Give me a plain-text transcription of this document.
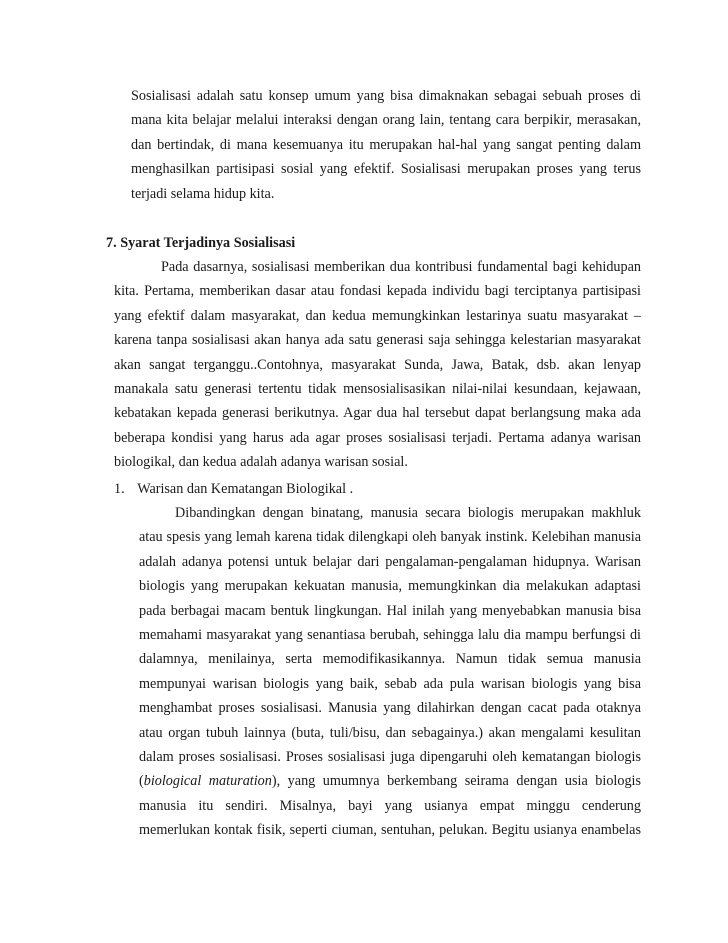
Sosialisasi adalah satu konsep umum yang bisa dimaknakan sebagai sebuah proses di
mana kita belajar melalui interaksi dengan orang lain, tentang cara berpikir, merasakan,
dan bertindak, di mana kesemuanya itu merupakan hal-hal yang sangat penting dalam
menghasilkan partisipasi sosial yang efektif. Sosialisasi merupakan proses yang terus
terjadi selama hidup kita.
7. Syarat Terjadinya Sosialisasi
Pada dasarnya, sosialisasi memberikan dua kontribusi fundamental bagi kehidupan
kita. Pertama, memberikan dasar atau fondasi kepada individu bagi terciptanya partisipasi
yang efektif dalam masyarakat, dan kedua memungkinkan lestarinya suatu masyarakat –
karena tanpa sosialisasi akan hanya ada satu generasi saja sehingga kelestarian masyarakat
akan sangat terganggu..Contohnya, masyarakat Sunda, Jawa, Batak, dsb. akan lenyap
manakala satu generasi tertentu tidak mensosialisasikan nilai-nilai kesundaan, kejawaan,
kebatakan kepada generasi berikutnya. Agar dua hal tersebut dapat berlangsung maka ada
beberapa kondisi yang harus ada agar proses sosialisasi terjadi. Pertama adanya warisan
biologikal, dan kedua adalah adanya warisan sosial.
1. Warisan dan Kematangan Biologikal .
Dibandingkan dengan binatang, manusia secara biologis merupakan makhluk
atau spesis yang lemah karena tidak dilengkapi oleh banyak instink. Kelebihan manusia
adalah adanya potensi untuk belajar dari pengalaman-pengalaman hidupnya. Warisan
biologis yang merupakan kekuatan manusia, memungkinkan dia melakukan adaptasi
pada berbagai macam bentuk lingkungan. Hal inilah yang menyebabkan manusia bisa
memahami masyarakat yang senantiasa berubah, sehingga lalu dia mampu berfungsi di
dalamnya, menilainya, serta memodifikasikannya. Namun tidak semua manusia
mempunyai warisan biologis yang baik, sebab ada pula warisan biologis yang bisa
menghambat proses sosialisasi. Manusia yang dilahirkan dengan cacat pada otaknya
atau organ tubuh lainnya (buta, tuli/bisu, dan sebagainya.) akan mengalami kesulitan
dalam proses sosialisasi. Proses sosialisasi juga dipengaruhi oleh kematangan biologis
(biological maturation), yang umumnya berkembang seirama dengan usia biologis
manusia itu sendiri. Misalnya, bayi yang usianya empat minggu cenderung
memerlukan kontak fisik, seperti ciuman, sentuhan, pelukan. Begitu usianya enambelas
